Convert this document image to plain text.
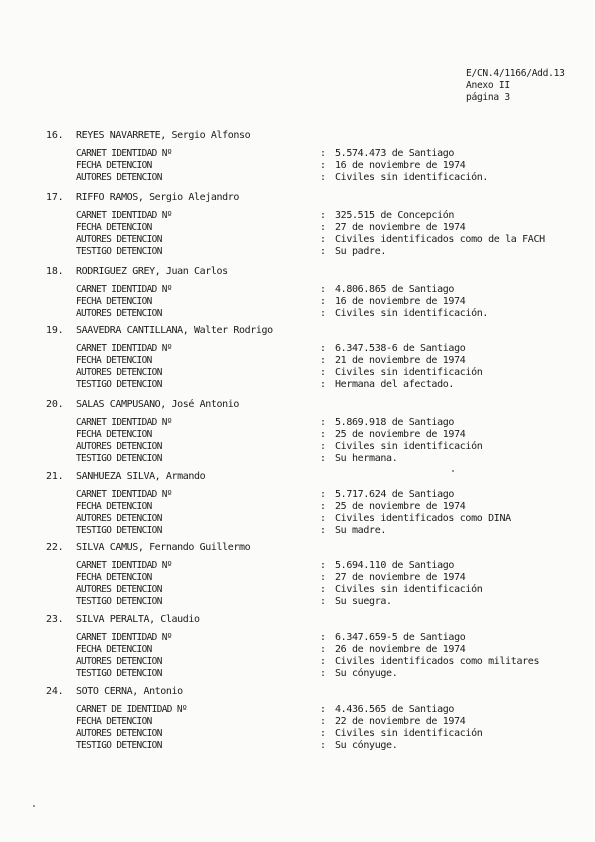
E/CN.4/1166/Add.13
Anexo II
página 3
16. REYES NAVARRETE, Sergio Alfonso
CARNET IDENTIDAD Nº	: 5.574.473 de Santiago
FECHA DETENCION	: 16 de noviembre de 1974
AUTORES DETENCION	: Civiles sin identificación.
17. RIFFO RAMOS, Sergio Alejandro
CARNET IDENTIDAD Nº	: 325.515 de Concepción
FECHA DETENCION	: 27 de noviembre de 1974
AUTORES DETENCION	: Civiles identificados como de la FACH
TESTIGO DETENCION	: Su padre.
18. RODRIGUEZ GREY, Juan Carlos
CARNET IDENTIDAD Nº	: 4.806.865 de Santiago
FECHA DETENCION	: 16 de noviembre de 1974
AUTORES DETENCION	: Civiles sin identificación.
19. SAAVEDRA CANTILLANA, Walter Rodrigo
CARNET IDENTIDAD Nº	: 6.347.538-6 de Santiago
FECHA DETENCION	: 21 de noviembre de 1974
AUTORES DETENCION	: Civiles sin identificación
TESTIGO DETENCION	: Hermana del afectado.
20. SALAS CAMPUSANO, José Antonio
CARNET IDENTIDAD Nº	: 5.869.918 de Santiago
FECHA DETENCION	: 25 de noviembre de 1974
AUTORES DETENCION	: Civiles sin identificación
TESTIGO DETENCION	: Su hermana.
21. SANHUEZA SILVA, Armando
CARNET IDENTIDAD Nº	: 5.717.624 de Santiago
FECHA DETENCION	: 25 de noviembre de 1974
AUTORES DETENCION	: Civiles identificados como DINA
TESTIGO DETENCION	: Su madre.
22. SILVA CAMUS, Fernando Guillermo
CARNET IDENTIDAD Nº	: 5.694.110 de Santiago
FECHA DETENCION	: 27 de noviembre de 1974
AUTORES DETENCION	: Civiles sin identificación
TESTIGO DETENCION	: Su suegra.
23. SILVA PERALTA, Claudio
CARNET IDENTIDAD Nº	: 6.347.659-5 de Santiago
FECHA DETENCION	: 26 de noviembre de 1974
AUTORES DETENCION	: Civiles identificados como militares
TESTIGO DETENCION	: Su cónyuge.
24. SOTO CERNA, Antonio
CARNET DE IDENTIDAD Nº	: 4.436.565 de Santiago
FECHA DETENCION	: 22 de noviembre de 1974
AUTORES DETENCION	: Civiles sin identificación
TESTIGO DETENCION	: Su cónyuge.
